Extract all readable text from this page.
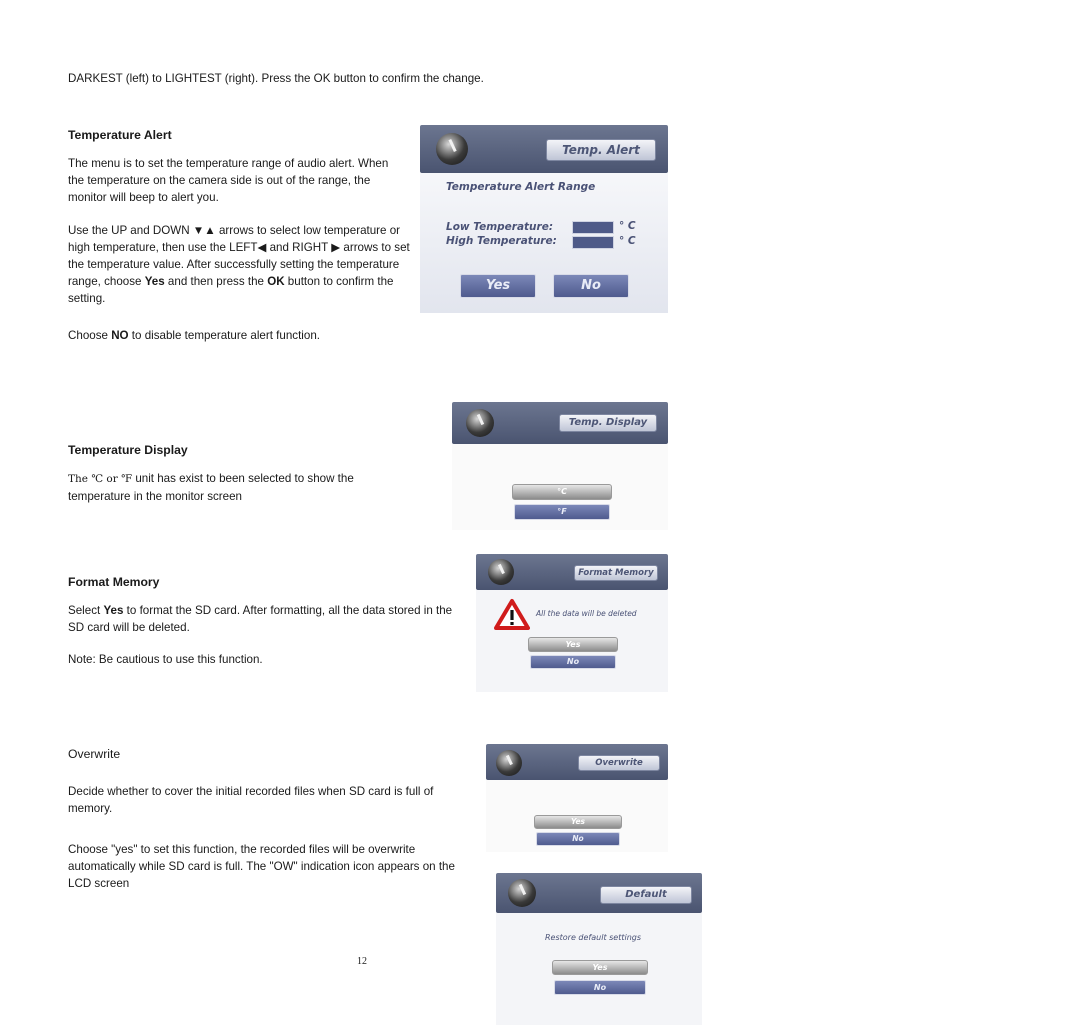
DARKEST (left) to LIGHTEST (right). Press the OK button to confirm the change.

Temperature Alert

The menu is to set the temperature range of audio alert. When the temperature on the camera side is out of the range, the monitor will beep to alert you.

Use the UP and DOWN ▼▲ arrows to select low temperature or high temperature, then use the LEFT◀ and RIGHT ▶ arrows to set the temperature value. After successfully setting the temperature range, choose Yes and then press the OK button to confirm the setting.

Choose NO to disable temperature alert function.

Temp. Alert
Temperature Alert Range
Low Temperature:
High Temperature:
° C
° C
Yes	No
Temperature Display

The ℃ or ℉ unit has exist to been selected to show the temperature in the monitor screen

Temp. Display
°C
°F
Format Memory

Select Yes to format the SD card. After formatting, all the data stored in the SD card will be deleted.

Note: Be cautious to use this function.

Format Memory
All the data will be deleted
Yes
No
Overwrite

Decide whether to cover the initial recorded files when SD card is full of memory.

Choose "yes" to set this function, the recorded files will be overwrite automatically while SD card is full. The "OW" indication icon appears on the LCD screen

Overwrite
Yes
No
Default
Restore default settings
Yes
No
12
